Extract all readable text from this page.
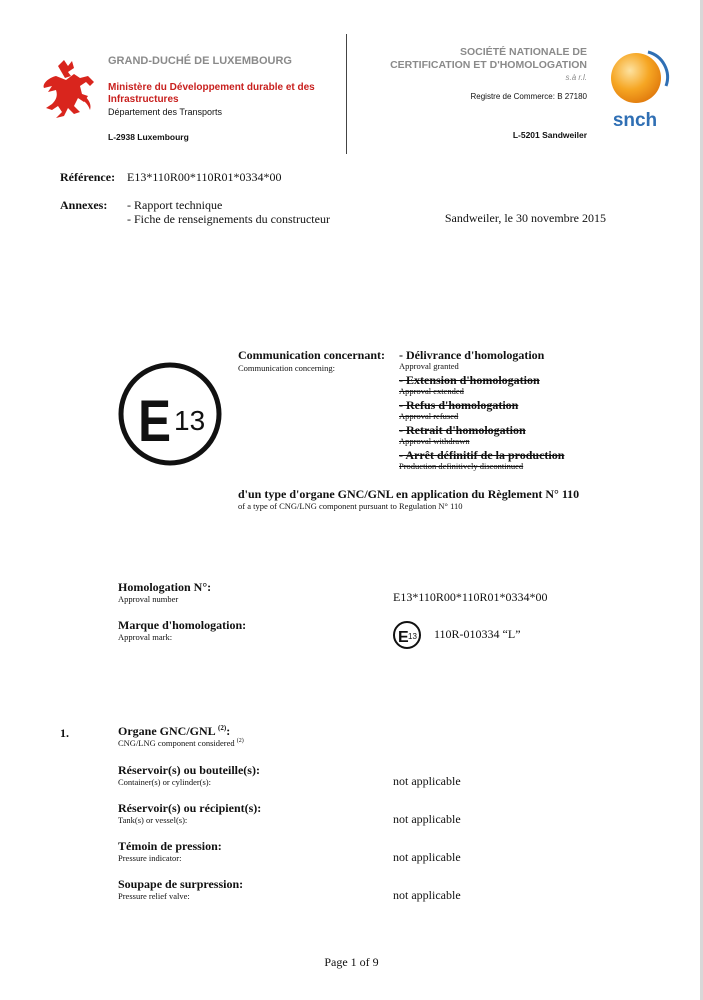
GRAND-DUCHÉ DE LUXEMBOURG
Ministère du Développement durable et des Infrastructures
Département des Transports
L-2938 Luxembourg
SOCIÉTÉ NATIONALE DE
CERTIFICATION ET D'HOMOLOGATION
s.à r.l.
Registre de Commerce: B 27180
L-5201 Sandweiler
snch
Référence: E13*110R00*110R01*0334*00
Annexes: - Rapport technique
- Fiche de renseignements du constructeur	Sandweiler, le 30 novembre 2015
E 13
Communication concernant:
Communication concerning:
- Délivrance d'homologation
Approval granted
- Extension d'homologation
Approval extended
- Refus d'homologation
Approval refused
- Retrait d'homologation
Approval withdrawn
- Arrêt définitif de la production
Production definitively discontinued
d'un type d'organe GNC/GNL en application du Règlement N° 110
of a type of CNG/LNG component pursuant to Regulation N° 110
Homologation N°:
Approval number	E13*110R00*110R01*0334*00
Marque d'homologation:
Approval mark:	E 13 110R-010334 “L”
1.	Organe GNC/GNL $^{(2)}$:
CNG/LNG component considered $^{(2)}$
Réservoir(s) ou bouteille(s):
Container(s) or cylinder(s):	not applicable
Réservoir(s) ou récipient(s):
Tank(s) or vessel(s):	not applicable
Témoin de pression:
Pressure indicator:	not applicable
Soupape de surpression:
Pressure relief valve:	not applicable
Page 1 of 9
